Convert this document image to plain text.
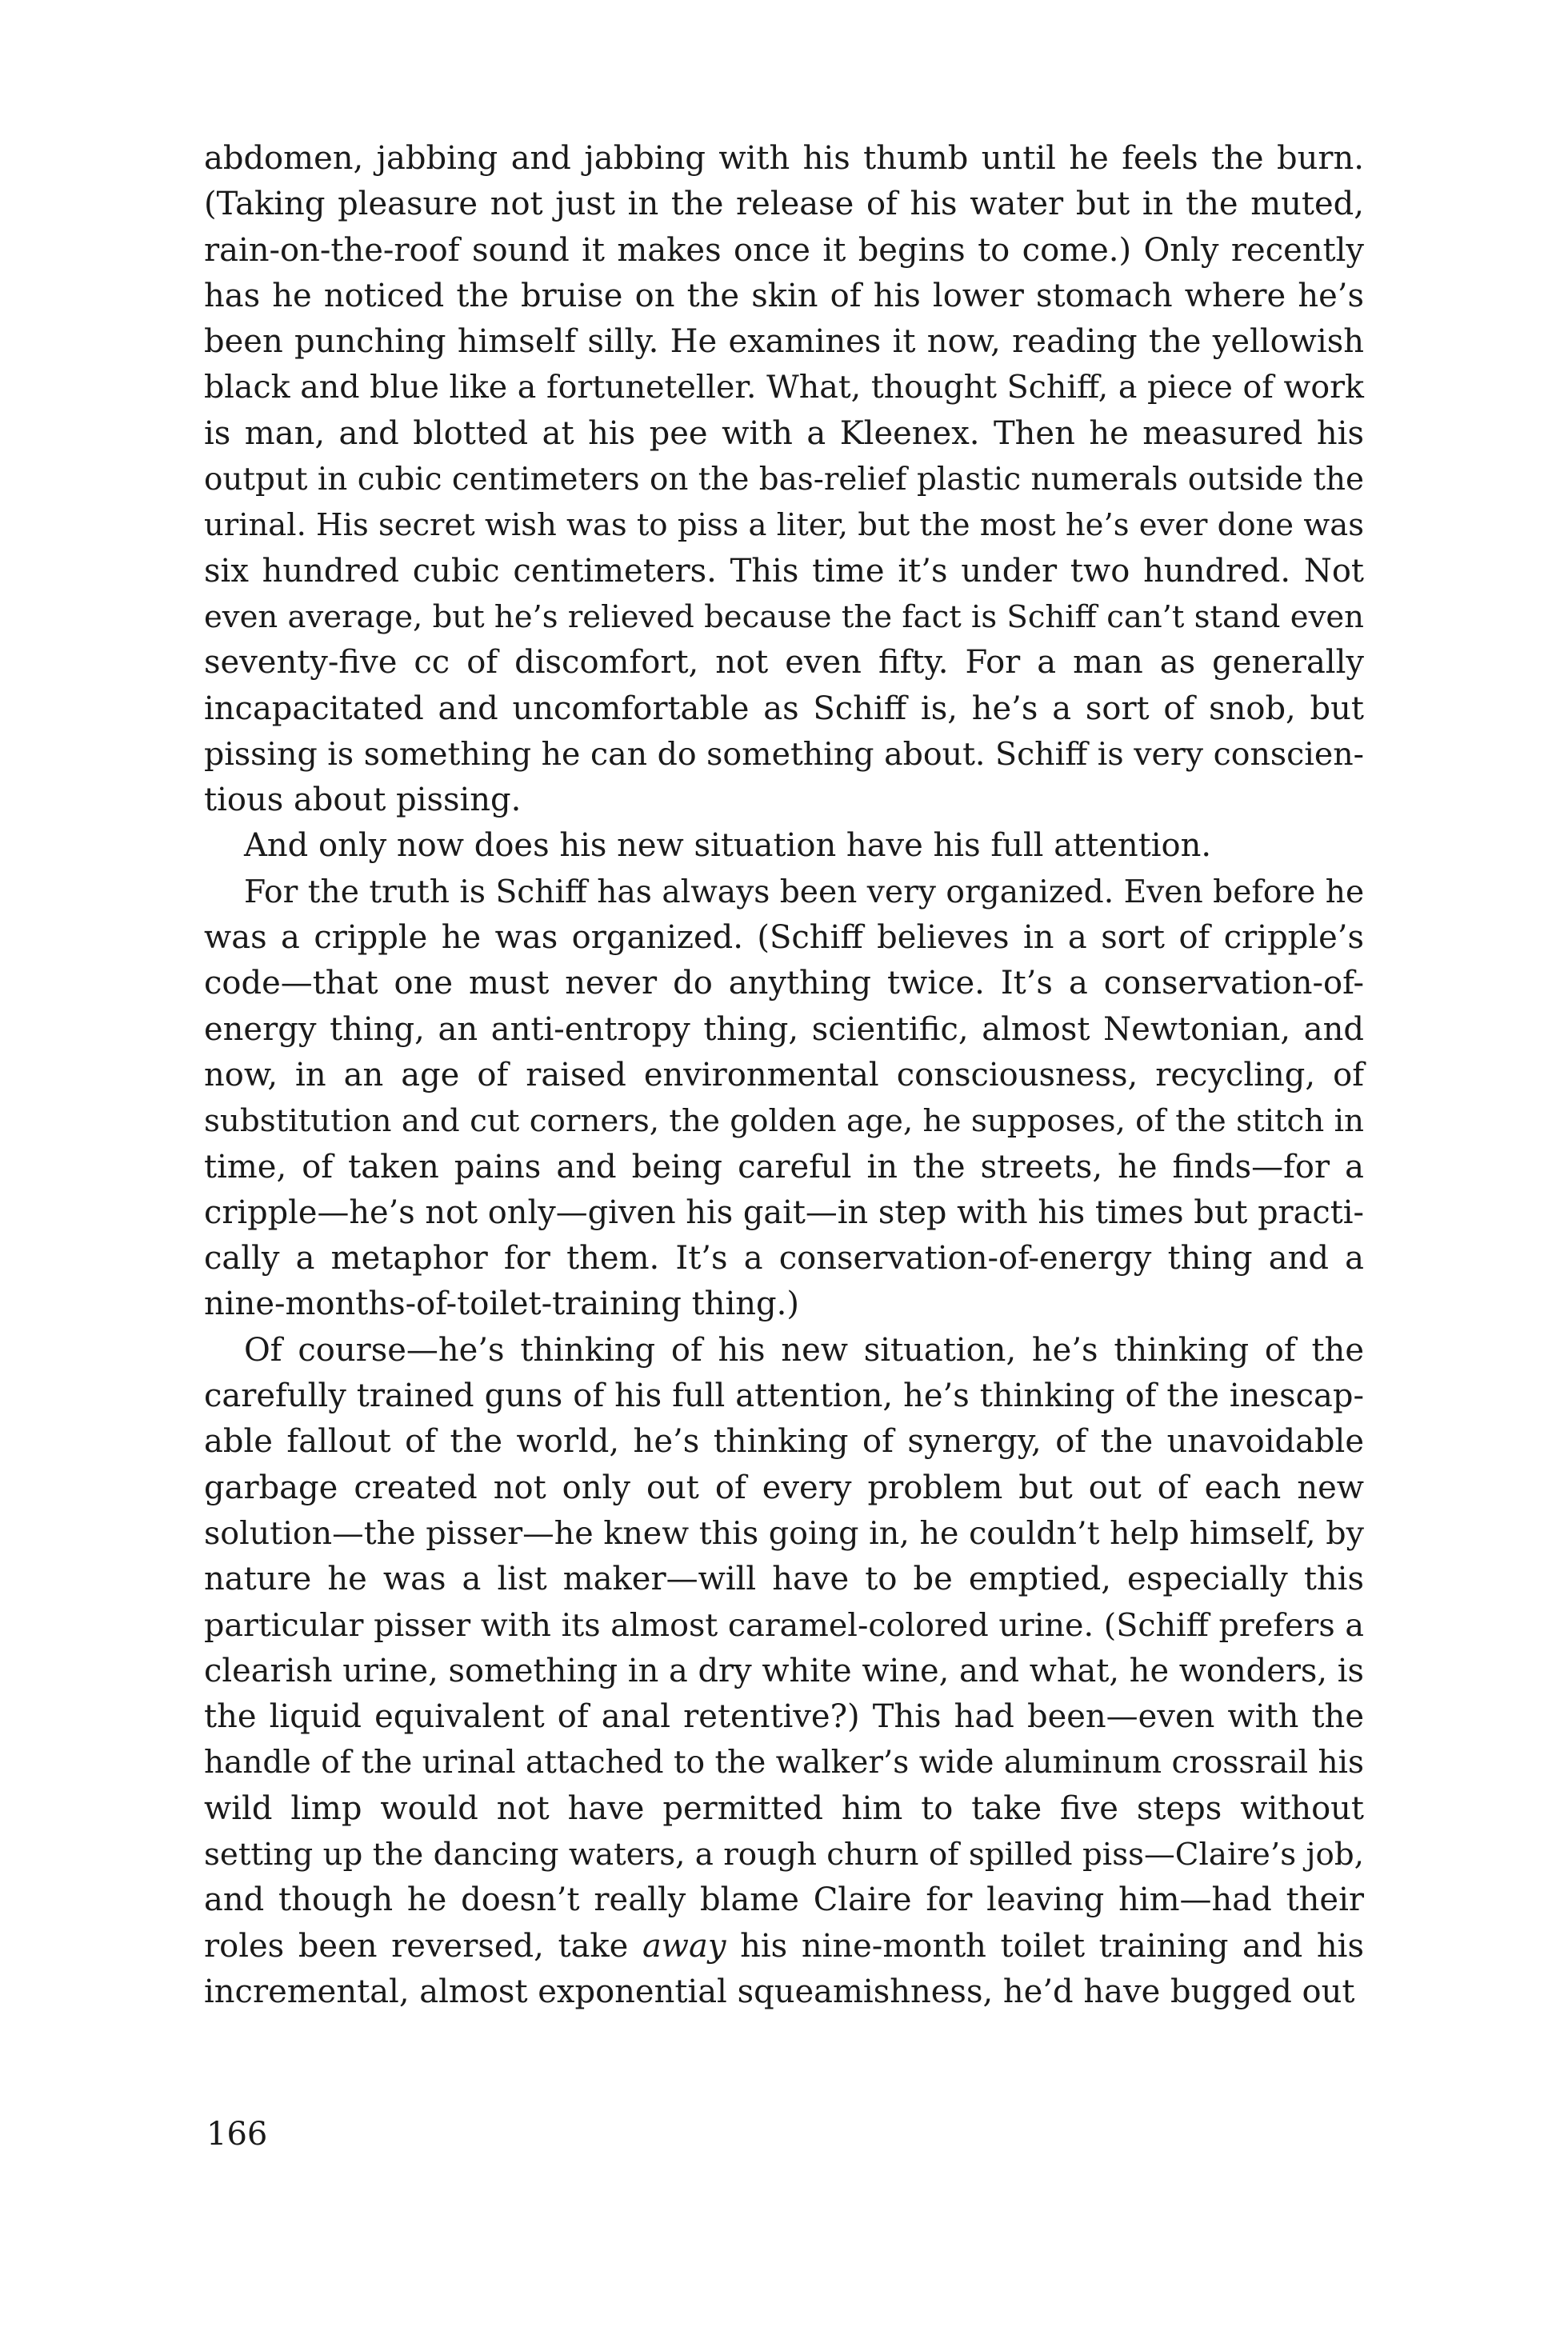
abdomen, jabbing and jabbing with his thumb until he feels the burn.
(Taking pleasure not just in the release of his water but in the muted,
rain-on-the-roof sound it makes once it begins to come.) Only recently
has he noticed the bruise on the skin of his lower stomach where he’s
been punching himself silly. He examines it now, reading the yellowish
black and blue like a fortuneteller. What, thought Schiff, a piece of work
is man, and blotted at his pee with a Kleenex. Then he measured his
output in cubic centimeters on the bas-relief plastic numerals outside the
urinal. His secret wish was to piss a liter, but the most he’s ever done was
six hundred cubic centimeters. This time it’s under two hundred. Not
even average, but he’s relieved because the fact is Schiff can’t stand even
seventy-five cc of discomfort, not even fifty. For a man as generally
incapacitated and uncomfortable as Schiff is, he’s a sort of snob, but
pissing is something he can do something about. Schiff is very conscien-
tious about pissing.
And only now does his new situation have his full attention.
For the truth is Schiff has always been very organized. Even before he
was a cripple he was organized. (Schiff believes in a sort of cripple’s
code—that one must never do anything twice. It’s a conservation-of-
energy thing, an anti-entropy thing, scientific, almost Newtonian, and
now, in an age of raised environmental consciousness, recycling, of
substitution and cut corners, the golden age, he supposes, of the stitch in
time, of taken pains and being careful in the streets, he finds—for a
cripple—he’s not only—given his gait—in step with his times but practi-
cally a metaphor for them. It’s a conservation-of-energy thing and a
nine-months-of-toilet-training thing.)
Of course—he’s thinking of his new situation, he’s thinking of the
carefully trained guns of his full attention, he’s thinking of the inescap-
able fallout of the world, he’s thinking of synergy, of the unavoidable
garbage created not only out of every problem but out of each new
solution—the pisser—he knew this going in, he couldn’t help himself, by
nature he was a list maker—will have to be emptied, especially this
particular pisser with its almost caramel-colored urine. (Schiff prefers a
clearish urine, something in a dry white wine, and what, he wonders, is
the liquid equivalent of anal retentive?) This had been—even with the
handle of the urinal attached to the walker’s wide aluminum crossrail his
wild limp would not have permitted him to take five steps without
setting up the dancing waters, a rough churn of spilled piss—Claire’s job,
and though he doesn’t really blame Claire for leaving him—had their
roles been reversed, take away his nine-month toilet training and his
incremental, almost exponential squeamishness, he’d have bugged out
166
